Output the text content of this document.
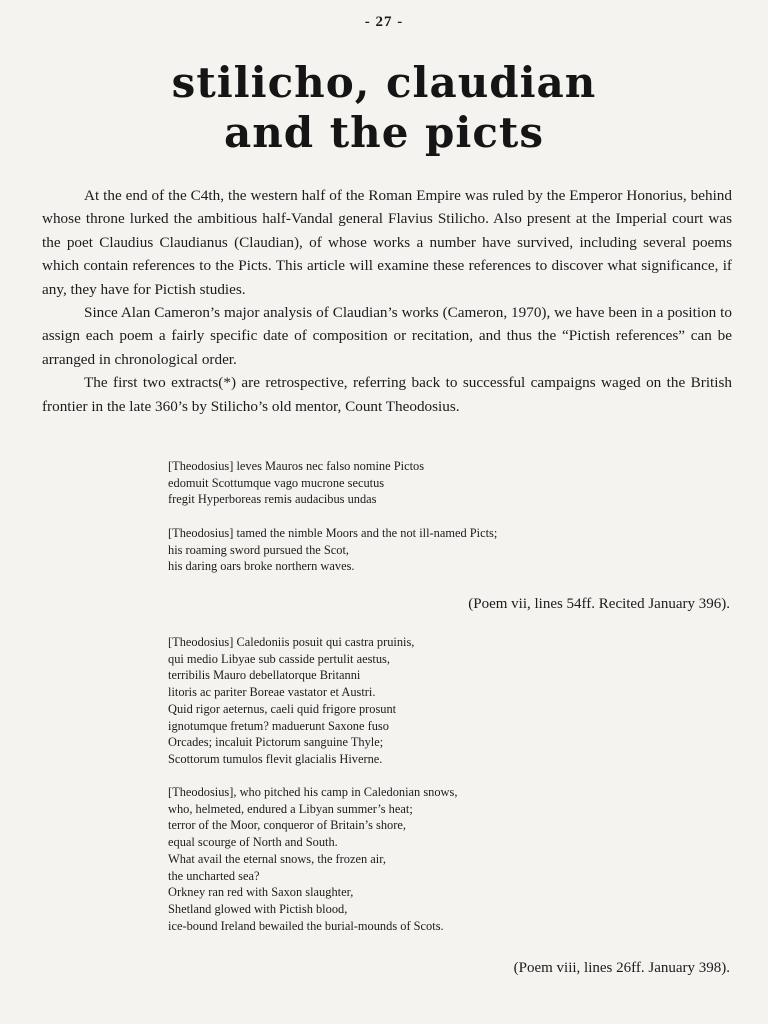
- 27 -
stilicho, claudian
and the picts

At the end of the C4th, the western half of the Roman Empire was ruled by the Emperor Honorius, behind whose throne lurked the ambitious half-Vandal general Flavius Stilicho. Also present at the Imperial court was the poet Claudius Claudianus (Claudian), of whose works a number have survived, including several poems which contain references to the Picts. This article will examine these references to discover what significance, if any, they have for Pictish studies.

Since Alan Cameron’s major analysis of Claudian’s works (Cameron, 1970), we have been in a position to assign each poem a fairly specific date of composition or recitation, and thus the “Pictish references” can be arranged in chronological order.

The first two extracts(*) are retrospective, referring back to successful campaigns waged on the British frontier in the late 360’s by Stilicho’s old mentor, Count Theodosius.

[Theodosius] leves Mauros nec falso nomine Pictos
edomuit Scottumque vago mucrone secutus
fregit Hyperboreas remis audacibus undas
[Theodosius] tamed the nimble Moors and the not ill-named Picts;
his roaming sword pursued the Scot,
his daring oars broke northern waves.
(Poem vii, lines 54ff. Recited January 396).
[Theodosius] Caledoniis posuit qui castra pruinis,
qui medio Libyae sub casside pertulit aestus,
terribilis Mauro debellatorque Britanni
litoris ac pariter Boreae vastator et Austri.
Quid rigor aeternus, caeli quid frigore prosunt
ignotumque fretum? maduerunt Saxone fuso
Orcades; incaluit Pictorum sanguine Thyle;
Scottorum tumulos flevit glacialis Hiverne.
[Theodosius], who pitched his camp in Caledonian snows,
who, helmeted, endured a Libyan summer’s heat;
terror of the Moor, conqueror of Britain’s shore,
equal scourge of North and South.
What avail the eternal snows, the frozen air,
the uncharted sea?
Orkney ran red with Saxon slaughter,
Shetland glowed with Pictish blood,
ice-bound Ireland bewailed the burial-mounds of Scots.
(Poem viii, lines 26ff. January 398).
